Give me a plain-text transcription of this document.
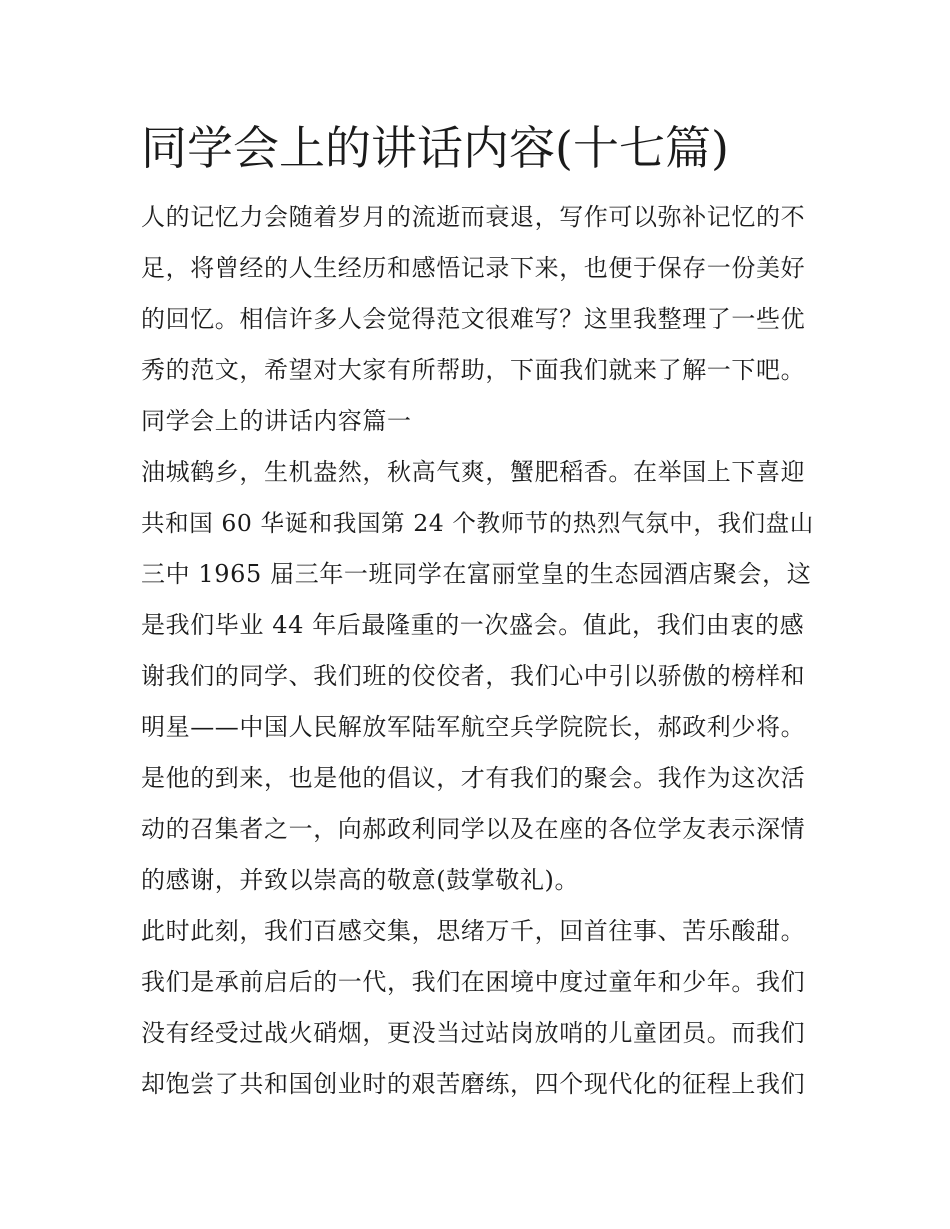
同学会上的讲话内容(十七篇)
人的记忆力会随着岁月的流逝而衰退，写作可以弥补记忆的不
足，将曾经的人生经历和感悟记录下来，也便于保存一份美好
的回忆。相信许多人会觉得范文很难写？这里我整理了一些优
秀的范文，希望对大家有所帮助，下面我们就来了解一下吧。
同学会上的讲话内容篇一
油城鹤乡，生机盎然，秋高气爽，蟹肥稻香。在举国上下喜迎
共和国 60 华诞和我国第 24 个教师节的热烈气氛中，我们盘山
三中 1965 届三年一班同学在富丽堂皇的生态园酒店聚会，这
是我们毕业 44 年后最隆重的一次盛会。值此，我们由衷的感
谢我们的同学、我们班的佼佼者，我们心中引以骄傲的榜样和
明星——中国人民解放军陆军航空兵学院院长，郝政利少将。
是他的到来，也是他的倡议，才有我们的聚会。我作为这次活
动的召集者之一，向郝政利同学以及在座的各位学友表示深情
的感谢，并致以崇高的敬意(鼓掌敬礼)。
此时此刻，我们百感交集，思绪万千，回首往事、苦乐酸甜。
我们是承前启后的一代，我们在困境中度过童年和少年。我们
没有经受过战火硝烟，更没当过站岗放哨的儿童团员。而我们
却饱尝了共和国创业时的艰苦磨练，四个现代化的征程上我们
